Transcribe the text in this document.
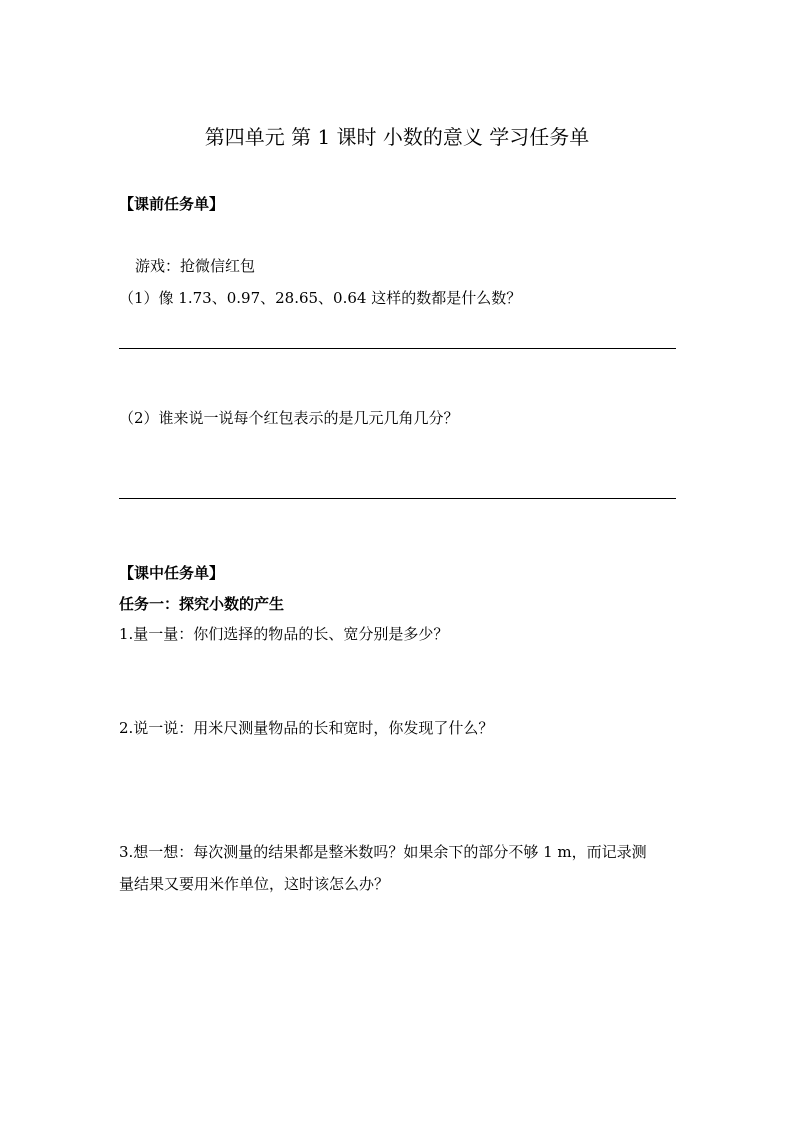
第四单元 第 1 课时 小数的意义 学习任务单
【课前任务单】
游戏：抢微信红包
（1）像 1.73、0.97、28.65、0.64 这样的数都是什么数？
（2）谁来说一说每个红包表示的是几元几角几分？
【课中任务单】
任务一：探究小数的产生
1.量一量：你们选择的物品的长、宽分别是多少？
2.说一说：用米尺测量物品的长和宽时，你发现了什么？
3.想一想：每次测量的结果都是整米数吗？如果余下的部分不够 1 m，而记录测
量结果又要用米作单位，这时该怎么办？
